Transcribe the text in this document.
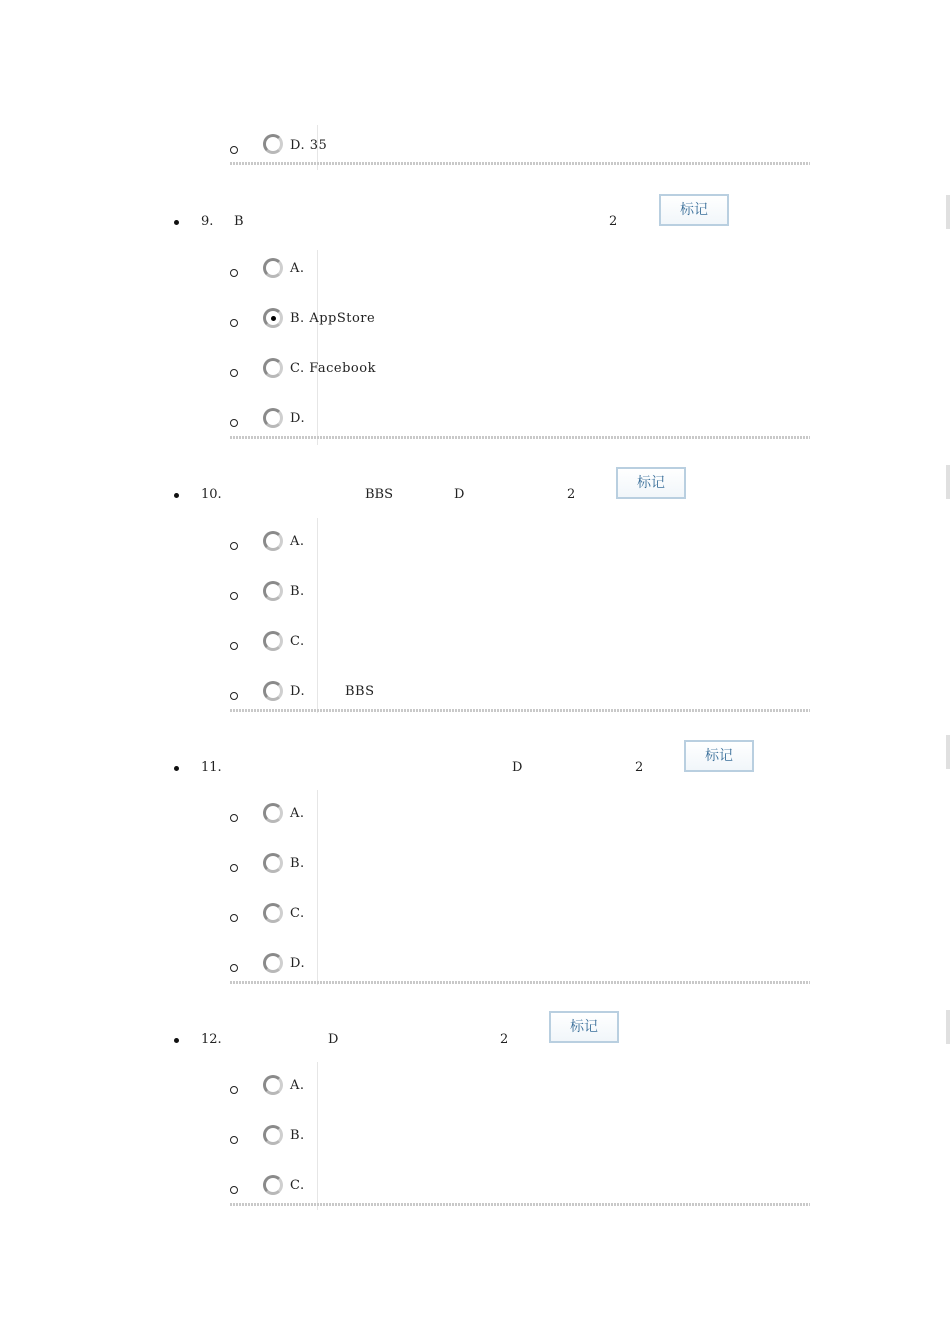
D. 35
9. B	2
标记
A.
B. AppStore
C. Facebook
D.
10.	BBS	D	2
标记
A.
B.
C.
D.	BBS
11.	D	2
标记
A.
B.
C.
D.
12.	D	2
标记
A.
B.
C.
